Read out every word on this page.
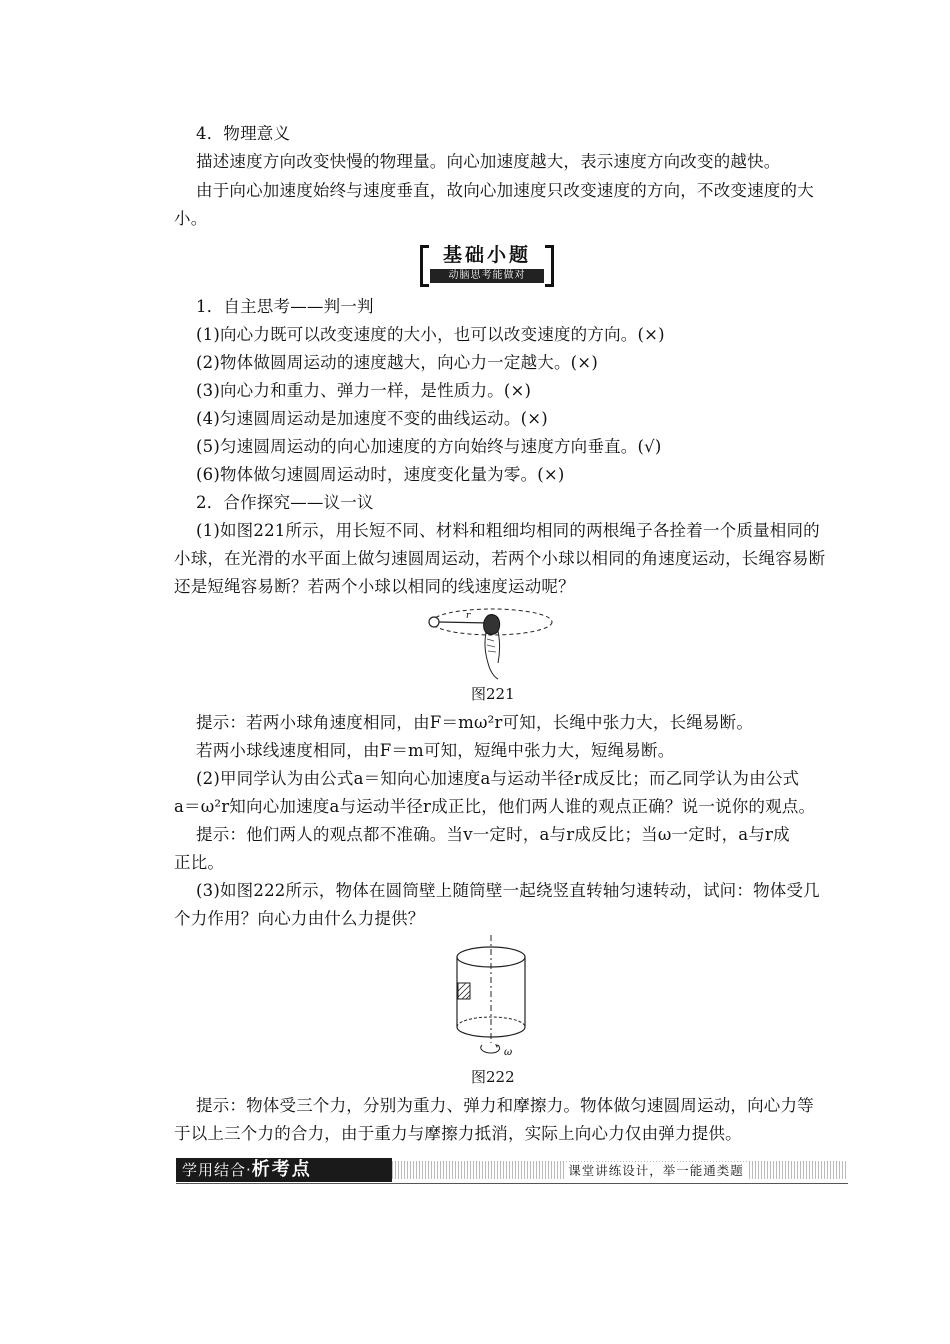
4．物理意义
描述速度方向改变快慢的物理量。向心加速度越大，表示速度方向改变的越快。
由于向心加速度始终与速度垂直，故向心加速度只改变速度的方向，不改变速度的大
小。
基础小题
动脑思考能做对
1．自主思考——判一判
(1)向心力既可以改变速度的大小，也可以改变速度的方向。(×)
(2)物体做圆周运动的速度越大，向心力一定越大。(×)
(3)向心力和重力、弹力一样，是性质力。(×)
(4)匀速圆周运动是加速度不变的曲线运动。(×)
(5)匀速圆周运动的向心加速度的方向始终与速度方向垂直。(√)
(6)物体做匀速圆周运动时，速度变化量为零。(×)
2．合作探究——议一议
(1)如图221所示，用长短不同、材料和粗细均相同的两根绳子各拴着一个质量相同的
小球，在光滑的水平面上做匀速圆周运动，若两个小球以相同的角速度运动，长绳容易断
还是短绳容易断？若两个小球以相同的线速度运动呢？
r
图221
提示：若两小球角速度相同，由F＝mω²r可知，长绳中张力大，长绳易断。
若两小球线速度相同，由F＝m可知，短绳中张力大，短绳易断。
(2)甲同学认为由公式a＝知向心加速度a与运动半径r成反比；而乙同学认为由公式
a＝ω²r知向心加速度a与运动半径r成正比，他们两人谁的观点正确？说一说你的观点。
提示：他们两人的观点都不准确。当v一定时，a与r成反比；当ω一定时，a与r成
正比。
(3)如图222所示，物体在圆筒壁上随筒壁一起绕竖直转轴匀速转动，试问：物体受几
个力作用？向心力由什么力提供？
ω
图222
提示：物体受三个力，分别为重力、弹力和摩擦力。物体做匀速圆周运动，向心力等
于以上三个力的合力，由于重力与摩擦力抵消，实际上向心力仅由弹力提供。
学用结合·析考点	课堂讲练设计，举一能通类题
